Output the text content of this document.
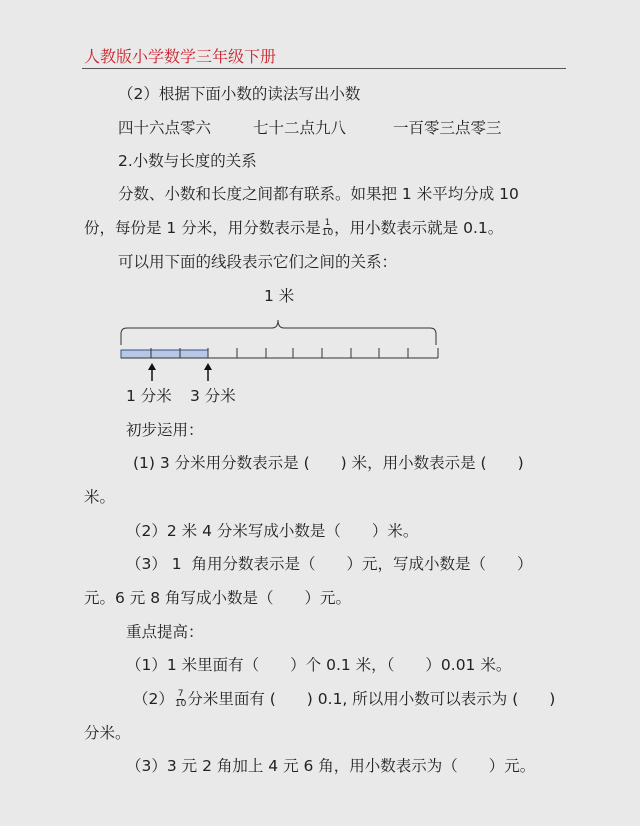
人教版小学数学三年级下册
（2）根据下面小数的读法写出小数
四十六点零六	七十二点九八	一百零三点零三
2.小数与长度的关系
分数、小数和长度之间都有联系。如果把 1 米平均分成 10
份，每份是 1 分米，用分数表示是 $\frac{1}{10}$ ，用小数表示就是 0.1。
可以用下面的线段表示它们之间的关系：
1 米
1 分米 3 分米
初步运用：
(1) 3 分米用分数表示是 (　　) 米，用小数表示是 (　　)
米。
（2）2 米 4 分米写成小数是（　　）米。
（3） 1  角用分数表示是（　　）元，写成小数是（　　）
元。6 元 8 角写成小数是（　　）元。
重点提高：
（1）1 米里面有（　　）个 0.1 米，（　　）0.01 米。
$(2) \frac{7}{10}$ 分米里面有 (　　) 0.1, 所以用小数可以表示为 (　　)
分米。
（3）3 元 2 角加上 4 元 6 角，用小数表示为（　　）元。
